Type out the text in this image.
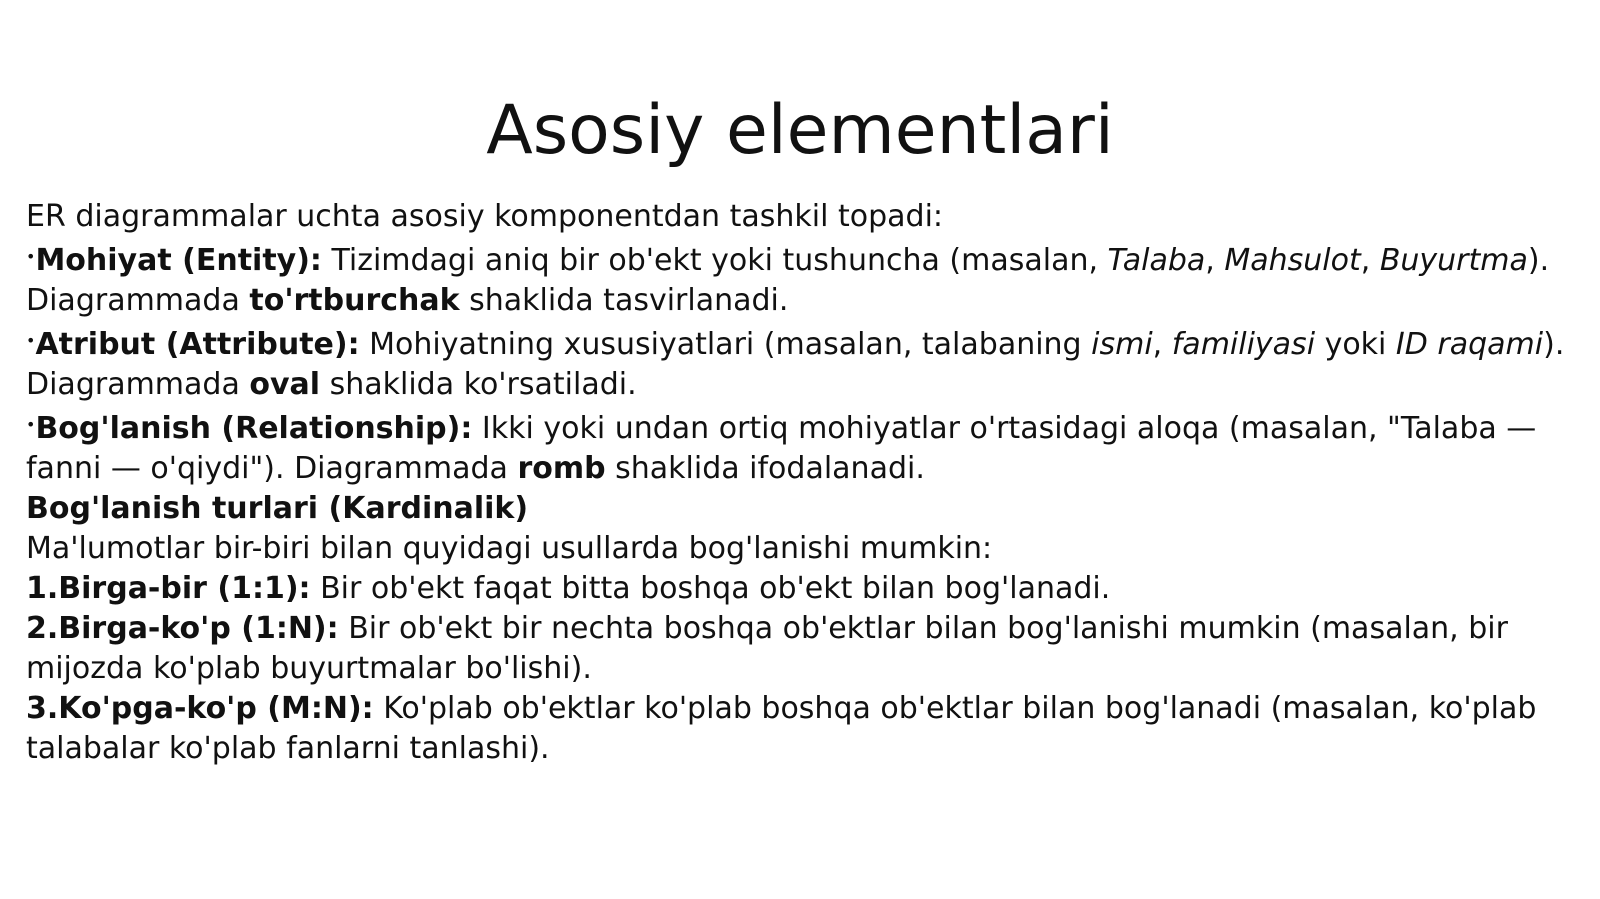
Asosiy elementlari
ER diagrammalar uchta asosiy komponentdan tashkil topadi:
•Mohiyat (Entity): Tizimdagi aniq bir ob'ekt yoki tushuncha (masalan, Talaba, Mahsulot, Buyurtma). Diagrammada to'rtburchak shaklida tasvirlanadi.
•Atribut (Attribute): Mohiyatning xususiyatlari (masalan, talabaning ismi, familiyasi yoki ID raqami). Diagrammada oval shaklida ko'rsatiladi.
•Bog'lanish (Relationship): Ikki yoki undan ortiq mohiyatlar o'rtasidagi aloqa (masalan, "Talaba — fanni — o'qiydi"). Diagrammada romb shaklida ifodalanadi.
Bog'lanish turlari (Kardinalik)
Ma'lumotlar bir-biri bilan quyidagi usullarda bog'lanishi mumkin:
1.Birga-bir (1:1): Bir ob'ekt faqat bitta boshqa ob'ekt bilan bog'lanadi.
2.Birga-ko'p (1:N): Bir ob'ekt bir nechta boshqa ob'ektlar bilan bog'lanishi mumkin (masalan, bir mijozda ko'plab buyurtmalar bo'lishi).
3.Ko'pga-ko'p (M:N): Ko'plab ob'ektlar ko'plab boshqa ob'ektlar bilan bog'lanadi (masalan, ko'plab talabalar ko'plab fanlarni tanlashi).
